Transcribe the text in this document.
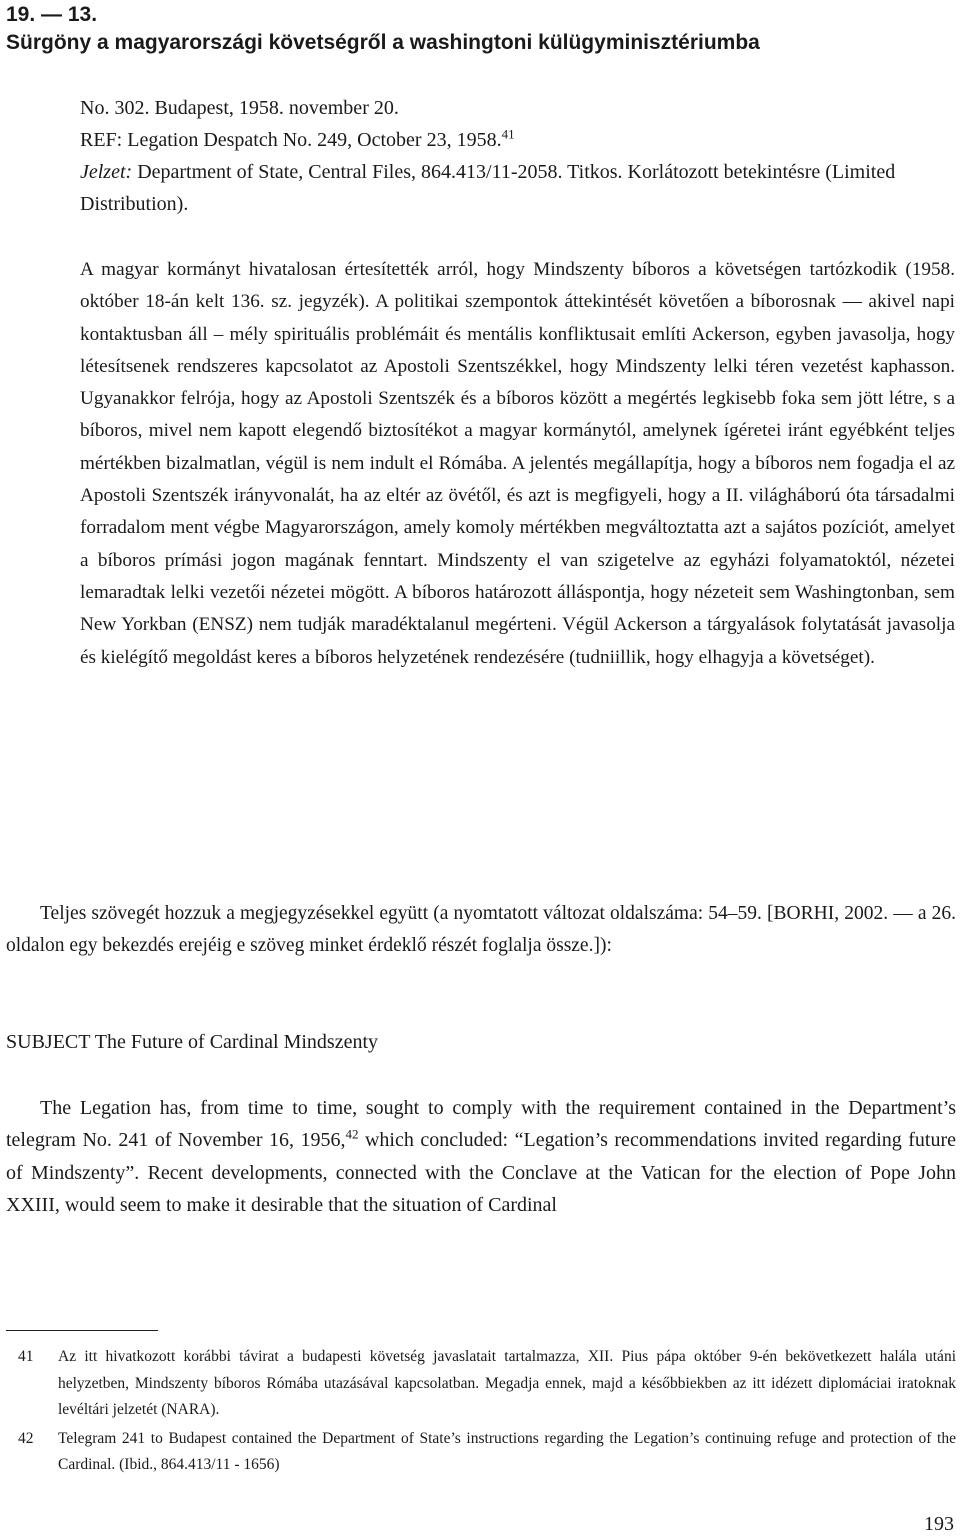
19. — 13.
Sürgöny a magyarországi követségről a washingtoni külügyminisztériumba
No. 302. Budapest, 1958. november 20.
REF: Legation Despatch No. 249, October 23, 1958.41
Jelzet: Department of State, Central Files, 864.413/11-2058. Titkos. Korlátozott betekintésre (Limited Distribution).

A magyar kormányt hivatalosan értesítették arról, hogy Mindszenty bíboros a követségen tartózkodik (1958. október 18-án kelt 136. sz. jegyzék). A politikai szempontok áttekintését követően a bíborosnak — akivel napi kontaktusban áll – mély spirituális problémáit és mentális konfliktusait említi Ackerson, egyben javasolja, hogy létesítsenek rendszeres kapcsolatot az Apostoli Szentszékkel, hogy Mindszenty lelki téren vezetést kaphasson. Ugyanakkor felrója, hogy az Apostoli Szentszék és a bíboros között a megértés legkisebb foka sem jött létre, s a bíboros, mivel nem kapott elegendő biztosítékot a magyar kormánytól, amelynek ígéretei iránt egyébként teljes mértékben bizalmatlan, végül is nem indult el Rómába. A jelentés megállapítja, hogy a bíboros nem fogadja el az Apostoli Szentszék irányvonalát, ha az eltér az övétől, és azt is megfigyeli, hogy a II. világháború óta társadalmi forradalom ment végbe Magyarországon, amely komoly mértékben megváltoztatta azt a sajátos pozíciót, amelyet a bíboros prímási jogon magának fenntart. Mindszenty el van szigetelve az egyházi folyamatoktól, nézetei lemaradtak lelki vezetői nézetei mögött. A bíboros határozott álláspontja, hogy nézeteit sem Washingtonban, sem New Yorkban (ENSZ) nem tudják maradéktalanul megérteni. Végül Ackerson a tárgyalások folytatását javasolja és kielégítő megoldást keres a bíboros helyzetének rendezésére (tudniillik, hogy elhagyja a követséget).

Teljes szövegét hozzuk a megjegyzésekkel együtt (a nyomtatott változat oldalszáma: 54–59. [BORHI, 2002. — a 26. oldalon egy bekezdés erejéig e szöveg minket érdeklő részét foglalja össze.]):

SUBJECT The Future of Cardinal Mindszenty

The Legation has, from time to time, sought to comply with the requirement contained in the Department’s telegram No. 241 of November 16, 1956,42 which concluded: “Legation’s recommendations invited regarding future of Mindszenty”. Recent developments, connected with the Conclave at the Vatican for the election of Pope John XXIII, would seem to make it desirable that the situation of Cardinal

41	Az itt hivatkozott korábbi távirat a budapesti követség javaslatait tartalmazza, XII. Pius pápa október 9-én bekövetkezett halála utáni helyzetben, Mindszenty bíboros Rómába utazásával kapcsolatban. Megadja ennek, majd a későbbiekben az itt idézett diplomáciai iratoknak levéltári jelzetét (NARA).
42	Telegram 241 to Budapest contained the Department of State’s instructions regarding the Legation’s continuing refuge and protection of the Cardinal. (Ibid., 864.413/11 - 1656)

193
